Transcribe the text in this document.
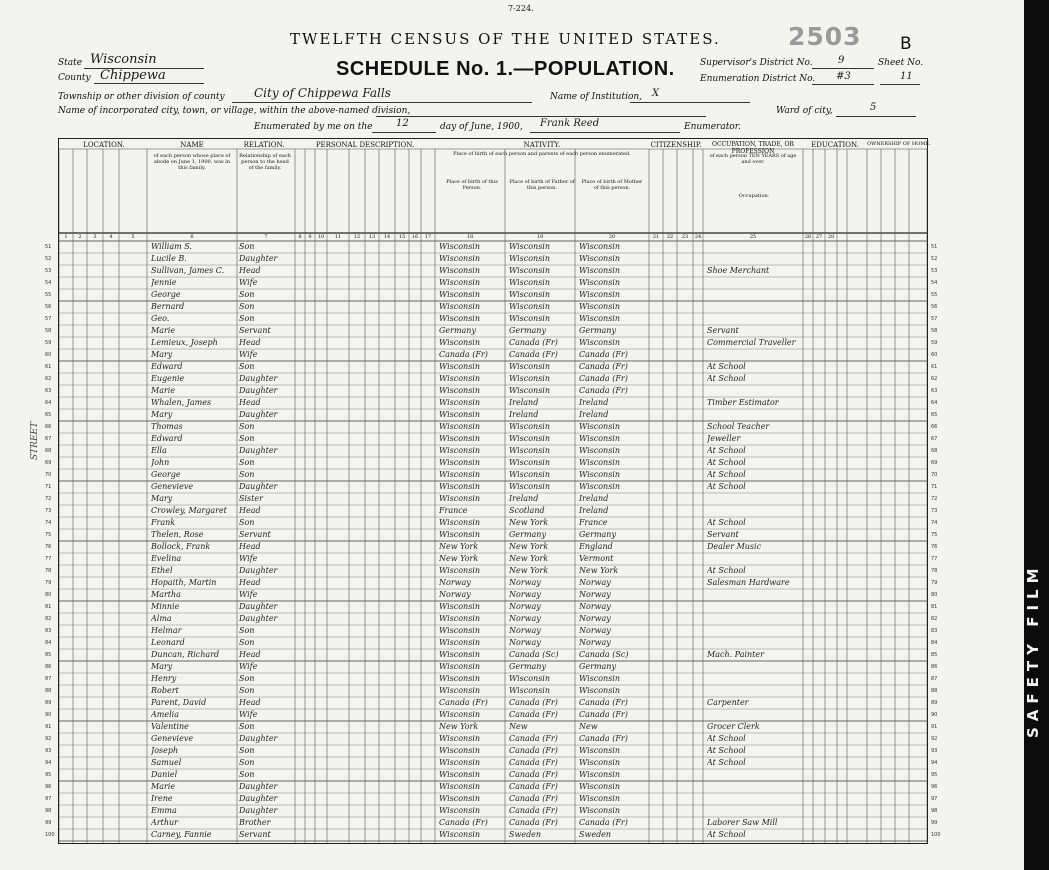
7-224.
TWELFTH CENSUS OF THE UNITED STATES.	2503 B
SCHEDULE No. 1.—POPULATION.
State Wisconsin
County Chippewa
Supervisor's District No.	9	Sheet No.
Enumeration District No. #3	11
Township or other division of county City of Chippewa Falls	Name of Institution, X
Name of incorporated city, town, or village, within the above-named division,	Ward of city,	5
Enumerated by me on the 12	day of June, 1900, Frank Reed	Enumerator.
STREET
LOCATION.	NAME	RELATION.	PERSONAL DESCRIPTION.	NATIVITY.	CITIZENSHIP.	OCCUPATION, TRADE, OR PROFESSION
EDUCATION.	OWNERSHIP OF HOME.
of each person whose place of abode on June 1, 1900, was in this family.
Relationship of each person to the head of the family.
Place of birth of each person and parents of each person enumerated.	of each person TEN YEARS of age and over.
Place of birth of this Person.
Place of birth of Father of this person.
Place of birth of Mother of this person.
Occupation.
1	2	3	4	5	6	7	8	9	10	11	12	13	14	15	16	17	18	19	20	21	22	23	24	25	26 27	28
51	51
William S.	Son	Wisconsin	Wisconsin	Wisconsin
52	52
Lucile B.	Daughter	Wisconsin	Wisconsin	Wisconsin
53	53
Sullivan, James C.	Head	Wisconsin	Wisconsin	Wisconsin	Shoe Merchant
54	54
Jennie	Wife	Wisconsin	Wisconsin	Wisconsin
55	55
George	Son	Wisconsin	Wisconsin	Wisconsin
56	56
Bernard	Son	Wisconsin	Wisconsin	Wisconsin
57	57
Geo.	Son	Wisconsin	Wisconsin	Wisconsin
58	58
Marie	Servant	Germany	Germany	Germany	Servant
59	59
Lemieux, Joseph	Head	Wisconsin	Canada (Fr)	Wisconsin	Commercial Traveller
60	60
Mary	Wife	Canada (Fr)	Canada (Fr)	Canada (Fr)
61	61
Edward	Son	Wisconsin	Wisconsin	Canada (Fr)	At School
62	62
Eugenie	Daughter	Wisconsin	Wisconsin	Canada (Fr)	At School
63	63
Marie	Daughter	Wisconsin	Wisconsin	Canada (Fr)
64	64
Whalen, James	Head	Wisconsin	Ireland	Ireland	Timber Estimator
65	65
Mary	Daughter	Wisconsin	Ireland	Ireland
66	66
Thomas	Son	Wisconsin	Wisconsin	Wisconsin	School Teacher
67	67
Edward	Son	Wisconsin	Wisconsin	Wisconsin	Jeweller
68	68
Ella	Daughter	Wisconsin	Wisconsin	Wisconsin	At School
69	69
John	Son	Wisconsin	Wisconsin	Wisconsin	At School
70	70
George	Son	Wisconsin	Wisconsin	Wisconsin	At School
71	71
Genevieve	Daughter	Wisconsin	Wisconsin	Wisconsin	At School
72	72
Mary	Sister	Wisconsin	Ireland	Ireland
73	73
Crowley, Margaret	Head	France	Scotland	Ireland
74	74
Frank	Son	Wisconsin	New York	France	At School
75	75
Thelen, Rose	Servant	Wisconsin	Germany	Germany	Servant
76	76
Bollock, Frank	Head	New York	New York	England	Dealer Music
77	77
Evelina	Wife	New York	New York	Vermont
78	78
Ethel	Daughter	Wisconsin	New York	New York	At School
79	79
Hopaith, Martin	Head	Norway	Norway	Norway	Salesman Hardware
80	80
Martha	Wife	Norway	Norway	Norway
81	81
Minnie	Daughter	Wisconsin	Norway	Norway
82	82
Alma	Daughter	Wisconsin	Norway	Norway
83	83
Helmar	Son	Wisconsin	Norway	Norway
84	84
Leonard	Son	Wisconsin	Norway	Norway
85	85
Duncan, Richard	Head	Wisconsin	Canada (Sc)	Canada (Sc)	Mach. Painter
86	86
Mary	Wife	Wisconsin	Germany	Germany
87	87
Henry	Son	Wisconsin	Wisconsin	Wisconsin
88	88
Robert	Son	Wisconsin	Wisconsin	Wisconsin
89	89
Parent, David	Head	Canada (Fr)	Canada (Fr)	Canada (Fr)	Carpenter
90	90
Amelia	Wife	Wisconsin	Canada (Fr)	Canada (Fr)
91	91
Valentine	Son	New York	New	New	Grocer Clerk
92	92
Genevieve	Daughter	Wisconsin	Canada (Fr)	Canada (Fr)	At School
93	93
Joseph	Son	Wisconsin	Canada (Fr)	Wisconsin	At School
94	94
Samuel	Son	Wisconsin	Canada (Fr)	Wisconsin	At School
95	95
Daniel	Son	Wisconsin	Canada (Fr)	Wisconsin
96	96
Marie	Daughter	Wisconsin	Canada (Fr)	Wisconsin
97	97
Irene	Daughter	Wisconsin	Canada (Fr)	Wisconsin
98	98
Emma	Daughter	Wisconsin	Canada (Fr)	Wisconsin
99	99
Arthur	Brother	Canada (Fr)	Canada (Fr)	Canada (Fr)	Laborer Saw Mill
100	100
Carney, Fannie	Servant	Wisconsin	Sweden	Sweden	At School
SAFETY FILM
